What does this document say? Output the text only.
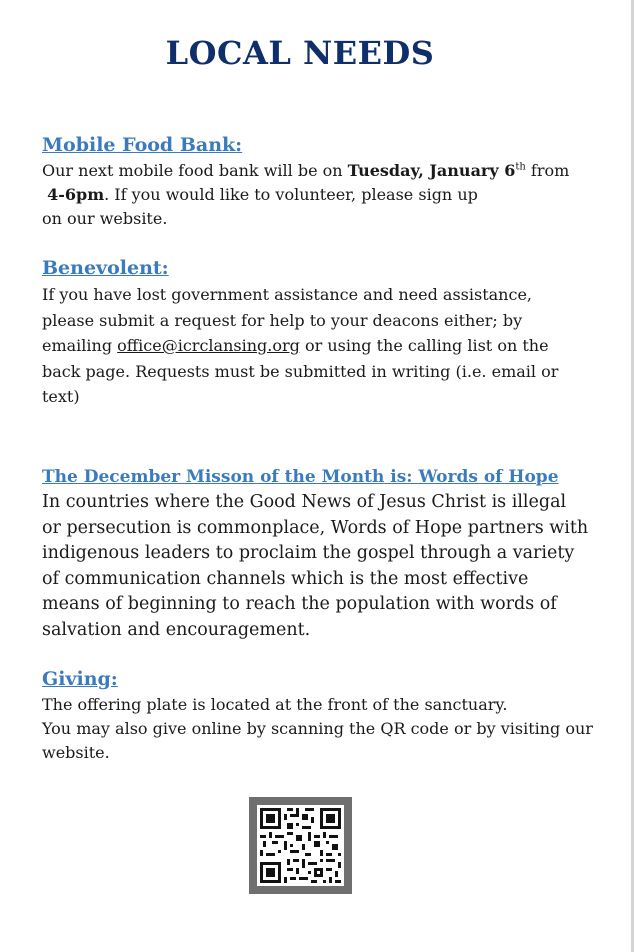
LOCAL NEEDS

Mobile Food Bank:

Our next mobile food bank will be on Tuesday, January 6th from
4-6pm. If you would like to volunteer, please sign up
on our website.

Benevolent:

If you have lost government assistance and need assistance,
please submit a request for help to your deacons either; by
emailing office@icrclansing.org or using the calling list on the
back page. Requests must be submitted in writing (i.e. email or
text)

The December Misson of the Month is: Words of Hope

In countries where the Good News of Jesus Christ is illegal
or persecution is commonplace, Words of Hope partners with
indigenous leaders to proclaim the gospel through a variety
of communication channels which is the most effective
means of beginning to reach the population with words of
salvation and encouragement.

Giving:

The offering plate is located at the front of the sanctuary.
You may also give online by scanning the QR code or by visiting our
website.
